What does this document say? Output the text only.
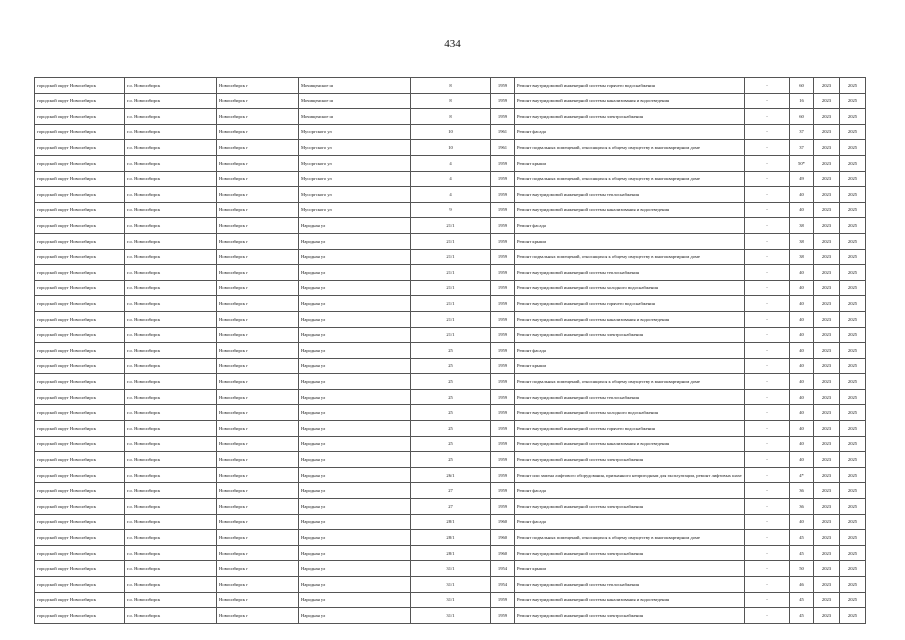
434
городской округ Новосибирск	г.о. Новосибирск	Новосибирск г	Мочищенское ш	8	1959	Ремонт внутридомовой инженерной системы горячего водоснабжения	-	60	2023	2025
городской округ Новосибирск	г.о. Новосибирск	Новосибирск г	Мочищенское ш	8	1959	Ремонт внутридомовой инженерной системы канализования и водоотведения	-	16	2023	2025
городской округ Новосибирск	г.о. Новосибирск	Новосибирск г	Мочищенское ш	8	1959	Ремонт внутридомовой инженерной системы электроснабжения	-	60	2023	2025
городской округ Новосибирск	г.о. Новосибирск	Новосибирск г	Мусоргского ул	10	1961	Ремонт фасада	-	37	2023	2025
городской округ Новосибирск	г.о. Новосибирск	Новосибирск г	Мусоргского ул	10	1961	Ремонт подвальных помещений, относящихся к общему имуществу в многоквартирном доме	-	37	2023	2025
городской округ Новосибирск	г.о. Новосибирск	Новосибирск г	Мусоргского ул	4	1959	Ремонт крыши	-	50*	2023	2025
городской округ Новосибирск	г.о. Новосибирск	Новосибирск г	Мусоргского ул	4	1959	Ремонт подвальных помещений, относящихся к общему имуществу в многоквартирном доме	-	49	2023	2025
городской округ Новосибирск	г.о. Новосибирск	Новосибирск г	Мусоргского ул	4	1959	Ремонт внутридомовой инженерной системы теплоснабжения	-	40	2023	2025
городской округ Новосибирск	г.о. Новосибирск	Новосибирск г	Мусоргского ул	9	1959	Ремонт внутридомовой инженерной системы канализования и водоотведения	-	40	2023	2025
городской округ Новосибирск	г.о. Новосибирск	Новосибирск г	Народная ул	21/1	1959	Ремонт фасада	-	38	2023	2025
городской округ Новосибирск	г.о. Новосибирск	Новосибирск г	Народная ул	21/1	1959	Ремонт крыши	-	38	2023	2025
городской округ Новосибирск	г.о. Новосибирск	Новосибирск г	Народная ул	21/1	1959	Ремонт подвальных помещений, относящихся к общему имуществу в многоквартирном доме	-	38	2023	2025
городской округ Новосибирск	г.о. Новосибирск	Новосибирск г	Народная ул	21/1	1959	Ремонт внутридомовой инженерной системы теплоснабжения	-	40	2023	2025
городской округ Новосибирск	г.о. Новосибирск	Новосибирск г	Народная ул	21/1	1959	Ремонт внутридомовой инженерной системы холодного водоснабжения	-	40	2023	2025
городской округ Новосибирск	г.о. Новосибирск	Новосибирск г	Народная ул	21/1	1959	Ремонт внутридомовой инженерной системы горячего водоснабжения	-	40	2023	2025
городской округ Новосибирск	г.о. Новосибирск	Новосибирск г	Народная ул	21/1	1959	Ремонт внутридомовой инженерной системы канализования и водоотведения	-	40	2023	2025
городской округ Новосибирск	г.о. Новосибирск	Новосибирск г	Народная ул	21/1	1959	Ремонт внутридомовой инженерной системы электроснабжения	-	40	2023	2025
городской округ Новосибирск	г.о. Новосибирск	Новосибирск г	Народная ул	25	1959	Ремонт фасада	-	40	2023	2025
городской округ Новосибирск	г.о. Новосибирск	Новосибирск г	Народная ул	25	1959	Ремонт крыши	-	40	2023	2025
городской округ Новосибирск	г.о. Новосибирск	Новосибирск г	Народная ул	25	1959	Ремонт подвальных помещений, относящихся к общему имуществу в многоквартирном доме	-	40	2023	2025
городской округ Новосибирск	г.о. Новосибирск	Новосибирск г	Народная ул	25	1959	Ремонт внутридомовой инженерной системы теплоснабжения	-	40	2023	2025
городской округ Новосибирск	г.о. Новосибирск	Новосибирск г	Народная ул	25	1959	Ремонт внутридомовой инженерной системы холодного водоснабжения	-	40	2023	2025
городской округ Новосибирск	г.о. Новосибирск	Новосибирск г	Народная ул	25	1959	Ремонт внутридомовой инженерной системы горячего водоснабжения	-	40	2023	2025
городской округ Новосибирск	г.о. Новосибирск	Новосибирск г	Народная ул	25	1959	Ремонт внутридомовой инженерной системы канализования и водоотведения	-	40	2023	2025
городской округ Новосибирск	г.о. Новосибирск	Новосибирск г	Народная ул	25	1959	Ремонт внутридомовой инженерной системы электроснабжения	-	40	2023	2025
городской округ Новосибирск	г.о. Новосибирск	Новосибирск г	Народная ул	26/1	1959	Ремонт или замена лифтового оборудования, признанного непригодным для эксплуатации, ремонт лифтовых шахт	-	4*	2023	2025
городской округ Новосибирск	г.о. Новосибирск	Новосибирск г	Народная ул	27	1959	Ремонт фасада	-	36	2023	2025
городской округ Новосибирск	г.о. Новосибирск	Новосибирск г	Народная ул	27	1959	Ремонт внутридомовой инженерной системы электроснабжения	-	36	2023	2025
городской округ Новосибирск	г.о. Новосибирск	Новосибирск г	Народная ул	28/1	1960	Ремонт фасада	-	40	2023	2025
городской округ Новосибирск	г.о. Новосибирск	Новосибирск г	Народная ул	28/1	1960	Ремонт подвальных помещений, относящихся к общему имуществу в многоквартирном доме	-	45	2023	2025
городской округ Новосибирск	г.о. Новосибирск	Новосибирск г	Народная ул	28/1	1960	Ремонт внутридомовой инженерной системы электроснабжения	-	45	2023	2025
городской округ Новосибирск	г.о. Новосибирск	Новосибирск г	Народная ул	31/1	1954	Ремонт крыши	-	50	2023	2025
городской округ Новосибирск	г.о. Новосибирск	Новосибирск г	Народная ул	31/1	1954	Ремонт внутридомовой инженерной системы теплоснабжения	-	46	2023	2025
городской округ Новосибирск	г.о. Новосибирск	Новосибирск г	Народная ул	31/1	1959	Ремонт внутридомовой инженерной системы канализования и водоотведения	-	45	2023	2025
городской округ Новосибирск	г.о. Новосибирск	Новосибирск г	Народная ул	31/1	1959	Ремонт внутридомовой инженерной системы электроснабжения	-	45	2023	2025
